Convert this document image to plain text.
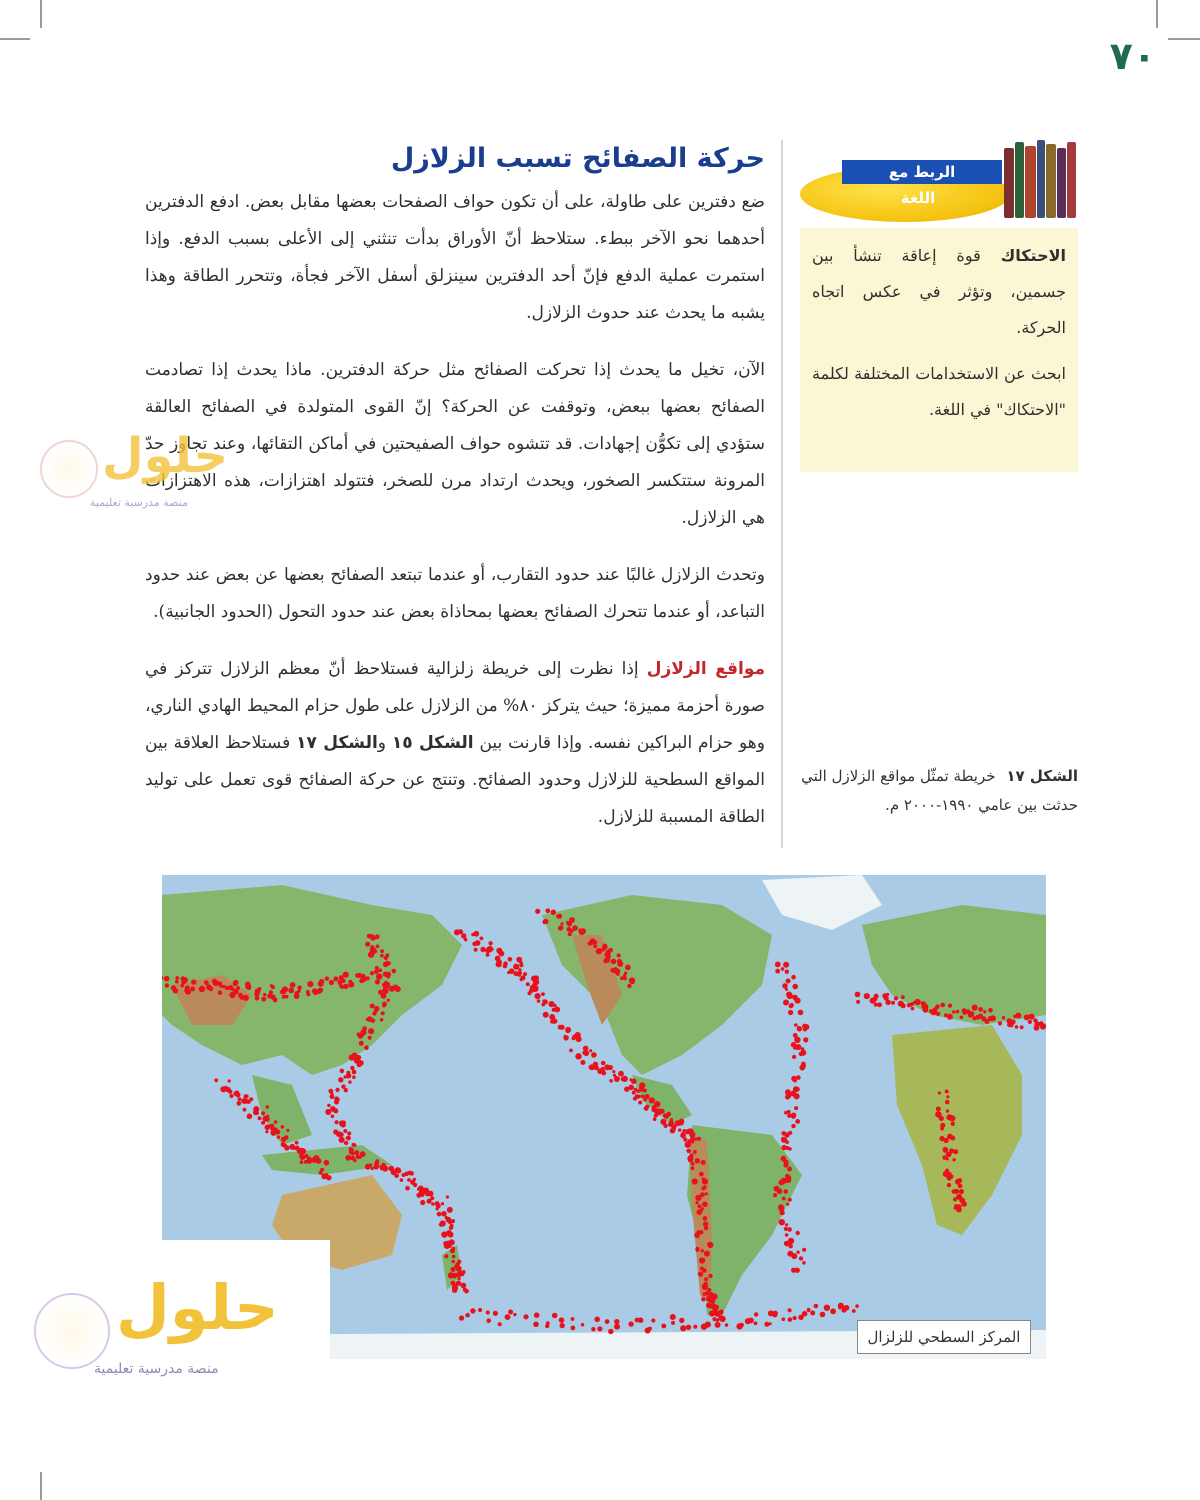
٧٠
حركة الصفائح تسبب الزلازل

ضع دفترين على طاولة، على أن تكون حواف الصفحات بعضها مقابل بعض. ادفع الدفترين أحدهما نحو الآخر ببطء. ستلاحظ أنّ الأوراق بدأت تنثني إلى الأعلى بسبب الدفع. وإذا استمرت عملية الدفع فإنّ أحد الدفترين سينزلق أسفل الآخر فجأة، وتتحرر الطاقة وهذا يشبه ما يحدث عند حدوث الزلازل.

الآن، تخيل ما يحدث إذا تحركت الصفائح مثل حركة الدفترين. ماذا يحدث إذا تصادمت الصفائح بعضها ببعض، وتوقفت عن الحركة؟ إنّ القوى المتولدة في الصفائح العالقة ستؤدي إلى تكوُّن إجهادات. قد تتشوه حواف الصفيحتين في أماكن التقائها، وعند تجاوز حدّ المرونة ستتكسر الصخور، ويحدث ارتداد مرن للصخر، فتتولد اهتزازات، هذه الاهتزازات هي الزلازل.

وتحدث الزلازل غالبًا عند حدود التقارب، أو عندما تبتعد الصفائح بعضها عن بعض عند حدود التباعد، أو عندما تتحرك الصفائح بعضها بمحاذاة بعض عند حدود التحول (الحدود الجانبية).

مواقع الزلازل إذا نظرت إلى خريطة زلزالية فستلاحظ أنّ معظم الزلازل تتركز في صورة أحزمة مميزة؛ حيث يتركز ٨٠% من الزلازل على طول حزام المحيط الهادي الناري، وهو حزام البراكين نفسه. وإذا قارنت بين الشكل ١٥ والشكل ١٧ فستلاحظ العلاقة بين المواقع السطحية للزلازل وحدود الصفائح. وتنتج عن حركة الصفائح قوى تعمل على توليد الطاقة المسببة للزلازل.

الربط مع
اللغة

الاحتكاك قوة إعاقة تنشأ بين جسمين، وتؤثر في عكس اتجاه الحركة.

ابحث عن الاستخدامات المختلفة لكلمة "الاحتكاك" في اللغة.

الشكل ١٧ خريطة تمثّل مواقع الزلازل التي حدثت بين عامي ١٩٩٠-٢٠٠٠ م.
المركز السطحي للزلزال
حلول
منصة مدرسية تعليمية
حلول
منصة مدرسية تعليمية
